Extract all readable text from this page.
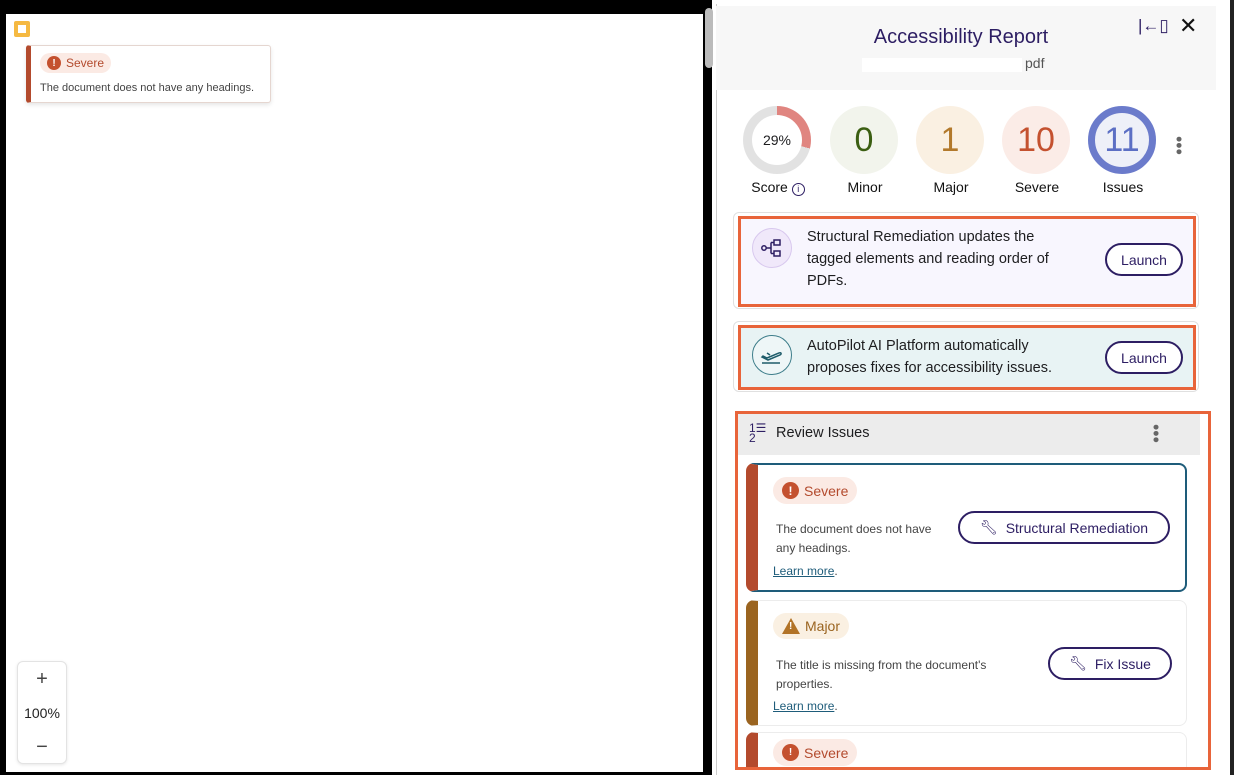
! Severe
The document does not have any headings.
+
100%
−
Accessibility Report
pdf
|←▯ ✕
29%
Score i
0
Minor
1
Major
10
Severe
11
Issues
•••
Structural Remediation updates the tagged elements and reading order of PDFs.
Launch
AutoPilot AI Platform automatically proposes fixes for accessibility issues.
Launch
1☰
2	Review Issues	•••
! Severe
The document does not have any headings.
Learn more.
🔧︎ Structural Remediation
! Major
The title is missing from the document's properties.
Learn more.
🔧︎ Fix Issue
! Severe
